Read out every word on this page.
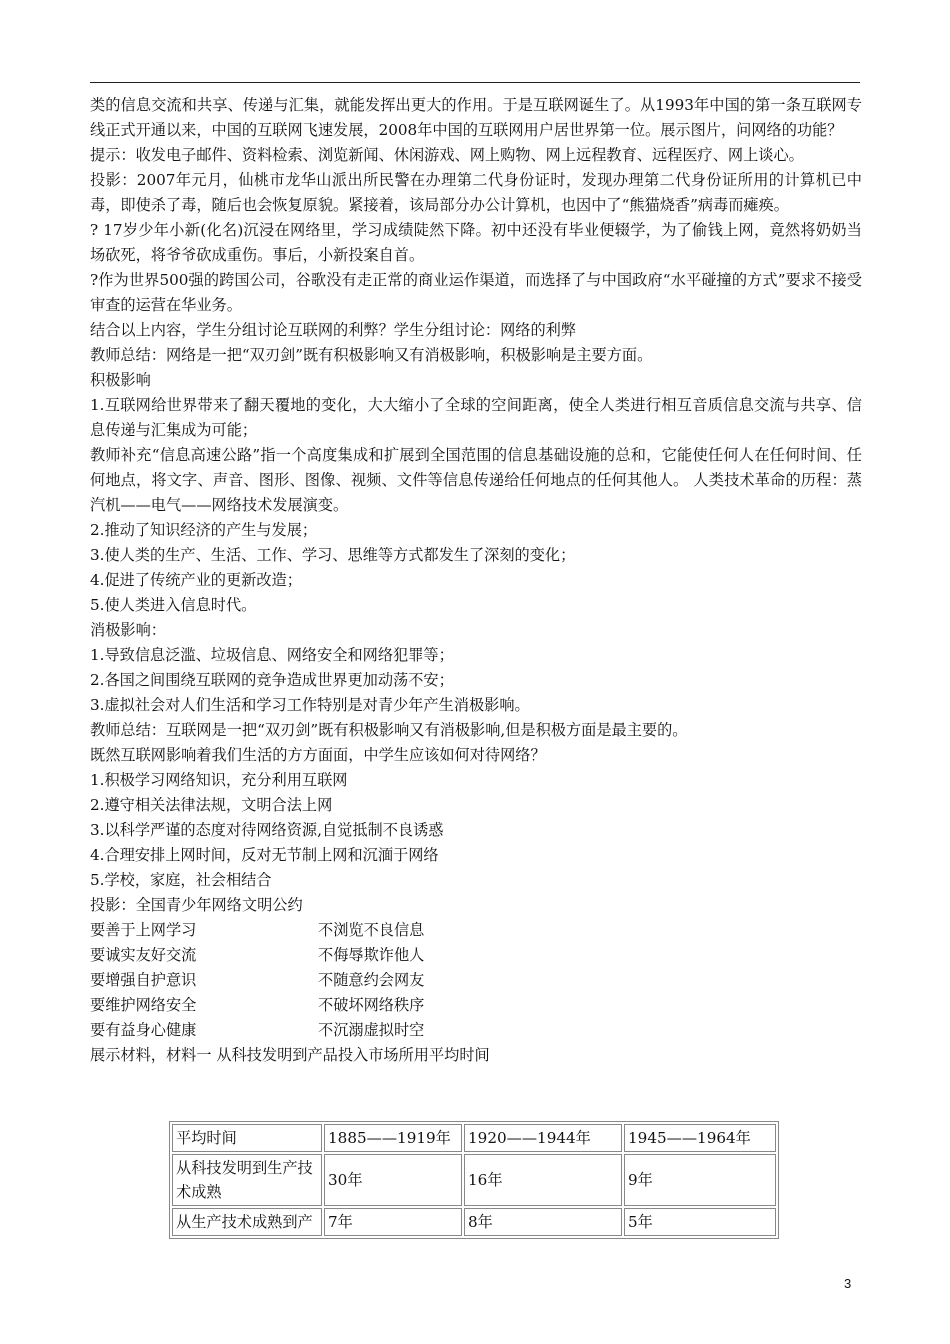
类的信息交流和共享、传递与汇集，就能发挥出更大的作用。于是互联网诞生了。从1993年中国的第一条互联网专线正式开通以来，中国的互联网飞速发展，2008年中国的互联网用户居世界第一位。展示图片，问网络的功能？

提示：收发电子邮件、资料检索、浏览新闻、休闲游戏、网上购物、网上远程教育、远程医疗、网上谈心。

投影：2007年元月，仙桃市龙华山派出所民警在办理第二代身份证时，发现办理第二代身份证所用的计算机已中毒，即使杀了毒，随后也会恢复原貌。紧接着，该局部分办公计算机，也因中了“熊猫烧香”病毒而瘫痪。

? 17岁少年小新(化名)沉浸在网络里，学习成绩陡然下降。初中还没有毕业便辍学，为了偷钱上网，竟然将奶奶当场砍死，将爷爷砍成重伤。事后，小新投案自首。

?作为世界500强的跨国公司，谷歌没有走正常的商业运作渠道，而选择了与中国政府“水平碰撞的方式”要求不接受审查的运营在华业务。

结合以上内容，学生分组讨论互联网的利弊？学生分组讨论：网络的利弊

教师总结：网络是一把“双刃剑”既有积极影响又有消极影响，积极影响是主要方面。

积极影响

1.互联网给世界带来了翻天覆地的变化，大大缩小了全球的空间距离，使全人类进行相互音质信息交流与共享、信息传递与汇集成为可能；

教师补充“信息高速公路”指一个高度集成和扩展到全国范围的信息基础设施的总和，它能使任何人在任何时间、任何地点，将文字、声音、图形、图像、视频、文件等信息传递给任何地点的任何其他人。 人类技术革命的历程：蒸汽机——电气——网络技术发展演变。

2.推动了知识经济的产生与发展；

3.使人类的生产、生活、工作、学习、思维等方式都发生了深刻的变化；

4.促进了传统产业的更新改造；

5.使人类进入信息时代。

消极影响：

1.导致信息泛滥、垃圾信息、网络安全和网络犯罪等；

2.各国之间围绕互联网的竞争造成世界更加动荡不安；

3.虚拟社会对人们生活和学习工作特别是对青少年产生消极影响。

教师总结：互联网是一把“双刃剑”既有积极影响又有消极影响,但是积极方面是最主要的。

既然互联网影响着我们生活的方方面面，中学生应该如何对待网络？

1.积极学习网络知识，充分利用互联网

2.遵守相关法律法规，文明合法上网

3.以科学严谨的态度对待网络资源,自觉抵制不良诱惑

4.合理安排上网时间，反对无节制上网和沉湎于网络

5.学校，家庭，社会相结合

投影：全国青少年网络文明公约

要善于上网学习	不浏览不良信息
要诚实友好交流	不侮辱欺诈他人
要增强自护意识	不随意约会网友
要维护网络安全	不破坏网络秩序
要有益身心健康	不沉溺虚拟时空

展示材料，材料一 从科技发明到产品投入市场所用平均时间

平均时间	1885——1919年	1920——1944年	1945——1964年
从科技发明到生产技术成熟	30年	16年	9年
从生产技术成熟到产	7年	8年	5年
3
